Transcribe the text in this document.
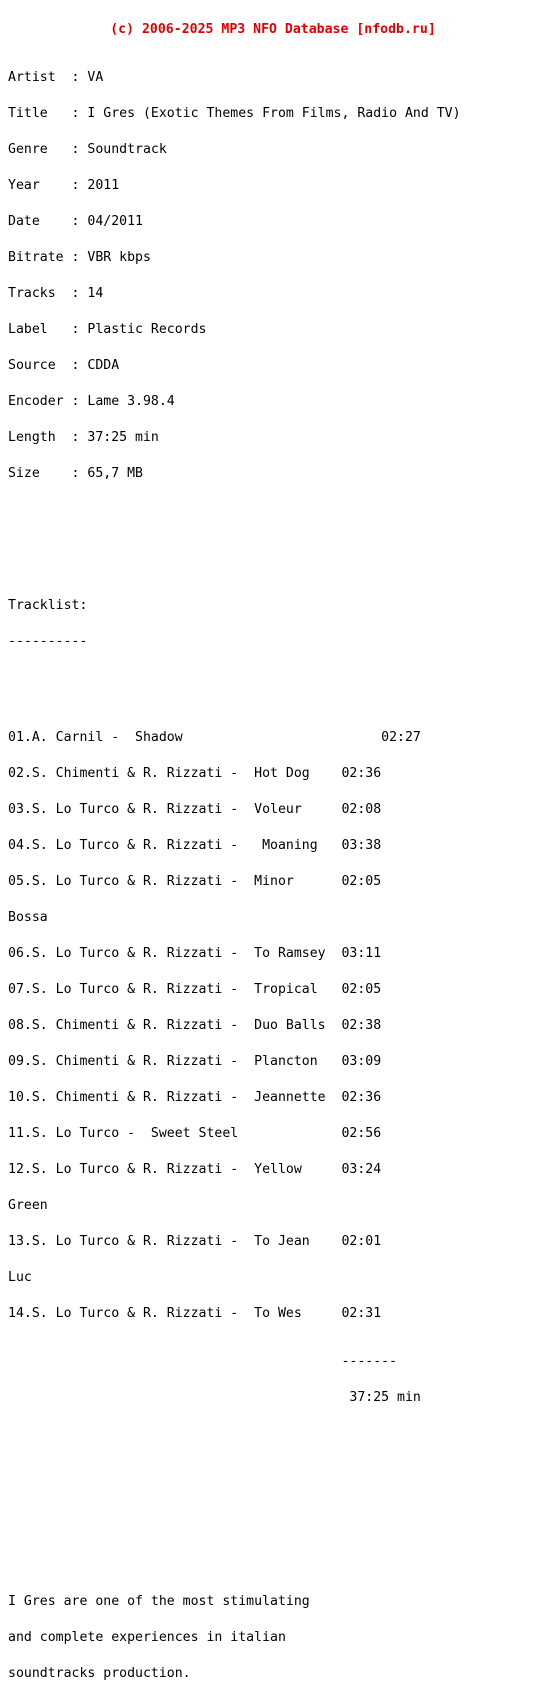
(c) 2006-2025 MP3 NFO Database [nfodb.ru]

Artist  : VA

Title   : I Gres (Exotic Themes From Films, Radio And TV)

Genre   : Soundtrack

Year    : 2011

Date    : 04/2011

Bitrate : VBR kbps

Tracks  : 14

Label   : Plastic Records

Source  : CDDA

Encoder : Lame 3.98.4

Length  : 37:25 min

Size    : 65,7 MB

Tracklist:

----------

01.A. Carnil -  Shadow                         02:27

02.S. Chimenti & R. Rizzati -  Hot Dog    02:36

03.S. Lo Turco & R. Rizzati -  Voleur     02:08

04.S. Lo Turco & R. Rizzati -   Moaning   03:38

05.S. Lo Turco & R. Rizzati -  Minor      02:05

Bossa

06.S. Lo Turco & R. Rizzati -  To Ramsey  03:11

07.S. Lo Turco & R. Rizzati -  Tropical   02:05

08.S. Chimenti & R. Rizzati -  Duo Balls  02:38

09.S. Chimenti & R. Rizzati -  Plancton   03:09

10.S. Chimenti & R. Rizzati -  Jeannette  02:36

11.S. Lo Turco -  Sweet Steel             02:56

12.S. Lo Turco & R. Rizzati -  Yellow     03:24

Green

13.S. Lo Turco & R. Rizzati -  To Jean    02:01

Luc

14.S. Lo Turco & R. Rizzati -  To Wes     02:31

-------

37:25 min

I Gres are one of the most stimulating

and complete experiences in italian

soundtracks production.
